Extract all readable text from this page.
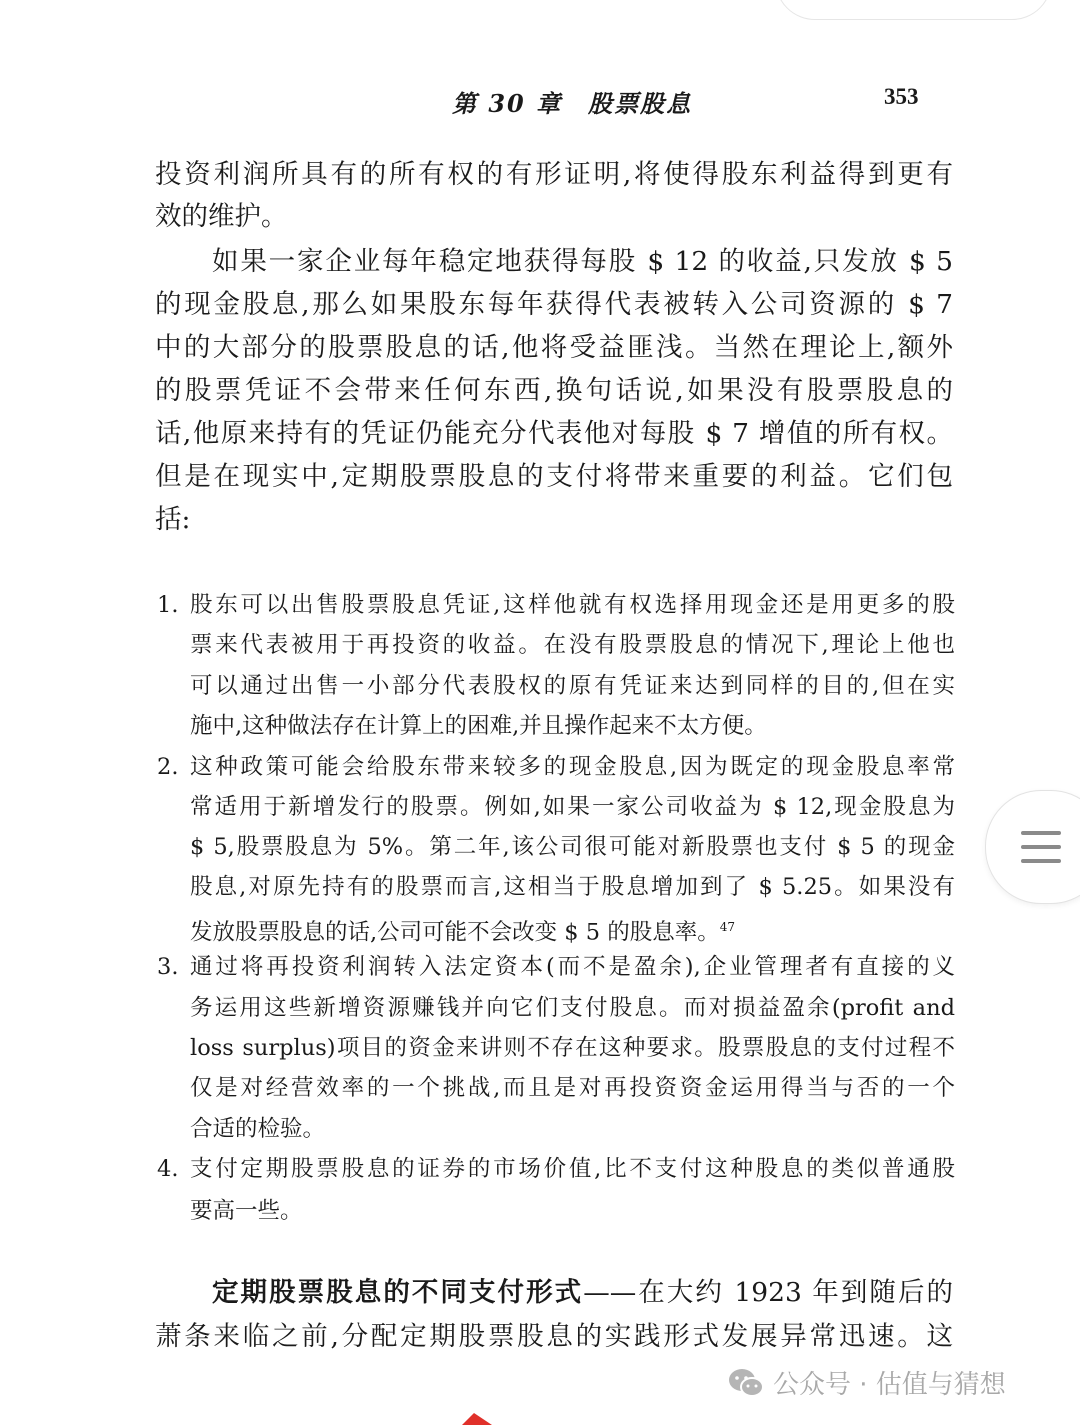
第 30 章　股票股息	353
投资利润所具有的所有权的有形证明,将使得股东利益得到更有
效的维护。
如果一家企业每年稳定地获得每股 $ 12 的收益,只发放 $ 5
的现金股息,那么如果股东每年获得代表被转入公司资源的 $ 7
中的大部分的股票股息的话,他将受益匪浅。当然在理论上,额外
的股票凭证不会带来任何东西,换句话说,如果没有股票股息的
话,他原来持有的凭证仍能充分代表他对每股 $ 7 增值的所有权。
但是在现实中,定期股票股息的支付将带来重要的利益。它们包
括:
1. 股东可以出售股票股息凭证,这样他就有权选择用现金还是用更多的股
票来代表被用于再投资的收益。在没有股票股息的情况下,理论上他也
可以通过出售一小部分代表股权的原有凭证来达到同样的目的,但在实
施中,这种做法存在计算上的困难,并且操作起来不太方便。
2. 这种政策可能会给股东带来较多的现金股息,因为既定的现金股息率常
常适用于新增发行的股票。例如,如果一家公司收益为 $ 12,现金股息为
$ 5,股票股息为 5%。第二年,该公司很可能对新股票也支付 $ 5 的现金
股息,对原先持有的股票而言,这相当于股息增加到了 $ 5.25。如果没有
发放股票股息的话,公司可能不会改变 $ 5 的股息率。$^{47}$
3. 通过将再投资利润转入法定资本(而不是盈余),企业管理者有直接的义
务运用这些新增资源赚钱并向它们支付股息。而对损益盈余(profit and
loss surplus)项目的资金来讲则不存在这种要求。股票股息的支付过程不
仅是对经营效率的一个挑战,而且是对再投资资金运用得当与否的一个
合适的检验。
4. 支付定期股票股息的证券的市场价值,比不支付这种股息的类似普通股
要高一些。
定期股票股息的不同支付形式——在大约 1923 年到随后的
萧条来临之前,分配定期股票股息的实践形式发展异常迅速。这
公众号 · 估值与猜想
